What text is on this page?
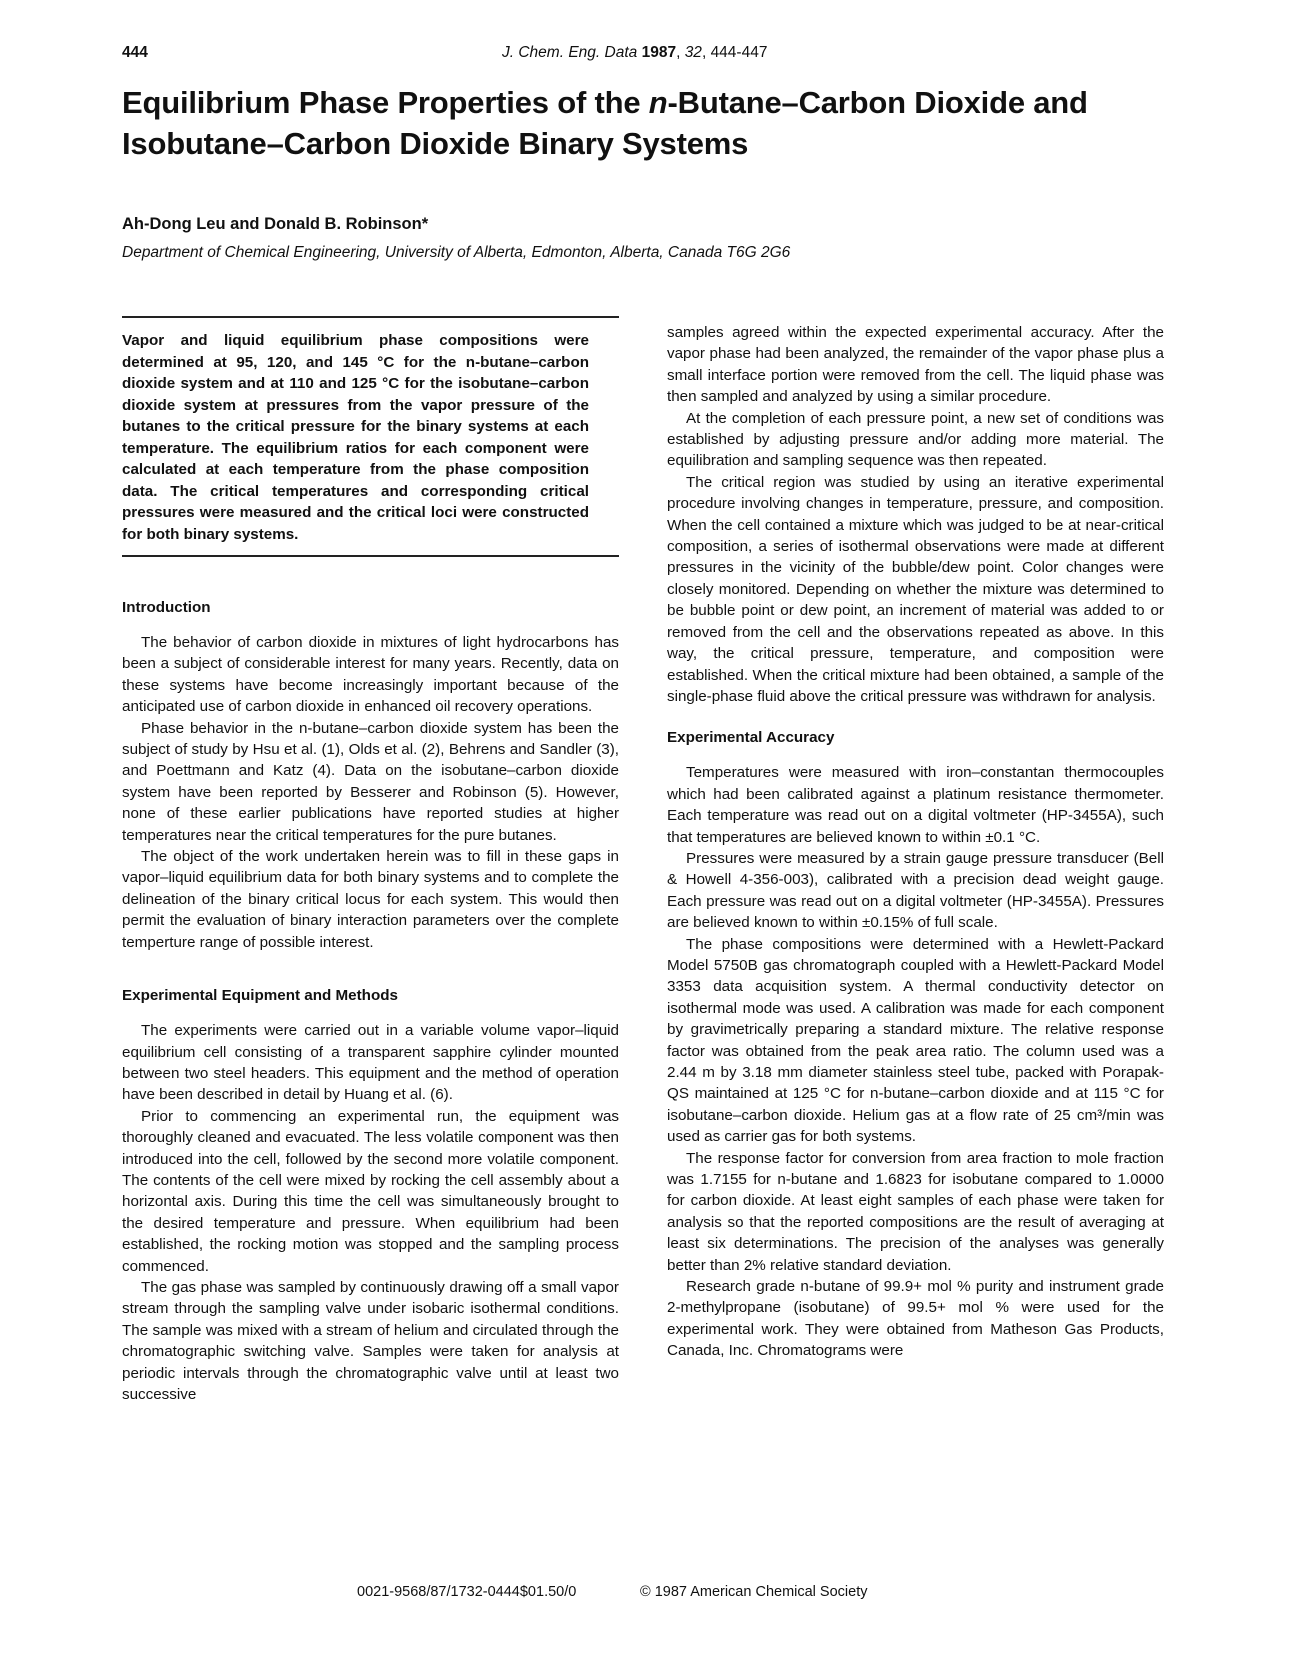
444	J. Chem. Eng. Data 1987, 32, 444-447
Equilibrium Phase Properties of the n-Butane–Carbon Dioxide and
Isobutane–Carbon Dioxide Binary Systems
Ah-Dong Leu and Donald B. Robinson*
Department of Chemical Engineering, University of Alberta, Edmonton, Alberta, Canada T6G 2G6

Vapor and liquid equilibrium phase compositions were determined at 95, 120, and 145 °C for the n-butane–carbon dioxide system and at 110 and 125 °C for the isobutane–carbon dioxide system at pressures from the vapor pressure of the butanes to the critical pressure for the binary systems at each temperature. The equilibrium ratios for each component were calculated at each temperature from the phase composition data. The critical temperatures and corresponding critical pressures were measured and the critical loci were constructed for both binary systems.

Introduction

The behavior of carbon dioxide in mixtures of light hydrocarbons has been a subject of considerable interest for many years. Recently, data on these systems have become increasingly important because of the anticipated use of carbon dioxide in enhanced oil recovery operations.

Phase behavior in the n-butane–carbon dioxide system has been the subject of study by Hsu et al. (1), Olds et al. (2), Behrens and Sandler (3), and Poettmann and Katz (4). Data on the isobutane–carbon dioxide system have been reported by Besserer and Robinson (5). However, none of these earlier publications have reported studies at higher temperatures near the critical temperatures for the pure butanes.

The object of the work undertaken herein was to fill in these gaps in vapor–liquid equilibrium data for both binary systems and to complete the delineation of the binary critical locus for each system. This would then permit the evaluation of binary interaction parameters over the complete temperture range of possible interest.

Experimental Equipment and Methods

The experiments were carried out in a variable volume vapor–liquid equilibrium cell consisting of a transparent sapphire cylinder mounted between two steel headers. This equipment and the method of operation have been described in detail by Huang et al. (6).

Prior to commencing an experimental run, the equipment was thoroughly cleaned and evacuated. The less volatile component was then introduced into the cell, followed by the second more volatile component. The contents of the cell were mixed by rocking the cell assembly about a horizontal axis. During this time the cell was simultaneously brought to the desired temperature and pressure. When equilibrium had been established, the rocking motion was stopped and the sampling process commenced.

The gas phase was sampled by continuously drawing off a small vapor stream through the sampling valve under isobaric isothermal conditions. The sample was mixed with a stream of helium and circulated through the chromatographic switching valve. Samples were taken for analysis at periodic intervals through the chromatographic valve until at least two successive

samples agreed within the expected experimental accuracy. After the vapor phase had been analyzed, the remainder of the vapor phase plus a small interface portion were removed from the cell. The liquid phase was then sampled and analyzed by using a similar procedure.

At the completion of each pressure point, a new set of conditions was established by adjusting pressure and/or adding more material. The equilibration and sampling sequence was then repeated.

The critical region was studied by using an iterative experimental procedure involving changes in temperature, pressure, and composition. When the cell contained a mixture which was judged to be at near-critical composition, a series of isothermal observations were made at different pressures in the vicinity of the bubble/dew point. Color changes were closely monitored. Depending on whether the mixture was determined to be bubble point or dew point, an increment of material was added to or removed from the cell and the observations repeated as above. In this way, the critical pressure, temperature, and composition were established. When the critical mixture had been obtained, a sample of the single-phase fluid above the critical pressure was withdrawn for analysis.

Experimental Accuracy

Temperatures were measured with iron–constantan thermocouples which had been calibrated against a platinum resistance thermometer. Each temperature was read out on a digital voltmeter (HP-3455A), such that temperatures are believed known to within ±0.1 °C.

Pressures were measured by a strain gauge pressure transducer (Bell & Howell 4-356-003), calibrated with a precision dead weight gauge. Each pressure was read out on a digital voltmeter (HP-3455A). Pressures are believed known to within ±0.15% of full scale.

The phase compositions were determined with a Hewlett-Packard Model 5750B gas chromatograph coupled with a Hewlett-Packard Model 3353 data acquisition system. A thermal conductivity detector on isothermal mode was used. A calibration was made for each component by gravimetrically preparing a standard mixture. The relative response factor was obtained from the peak area ratio. The column used was a 2.44 m by 3.18 mm diameter stainless steel tube, packed with Porapak-QS maintained at 125 °C for n-butane–carbon dioxide and at 115 °C for isobutane–carbon dioxide. Helium gas at a flow rate of 25 cm³/min was used as carrier gas for both systems.

The response factor for conversion from area fraction to mole fraction was 1.7155 for n-butane and 1.6823 for isobutane compared to 1.0000 for carbon dioxide. At least eight samples of each phase were taken for analysis so that the reported compositions are the result of averaging at least six determinations. The precision of the analyses was generally better than 2% relative standard deviation.

Research grade n-butane of 99.9+ mol % purity and instrument grade 2-methylpropane (isobutane) of 99.5+ mol % were used for the experimental work. They were obtained from Matheson Gas Products, Canada, Inc. Chromatograms were

0021-9568/87/1732-0444$01.50/0	© 1987 American Chemical Society
